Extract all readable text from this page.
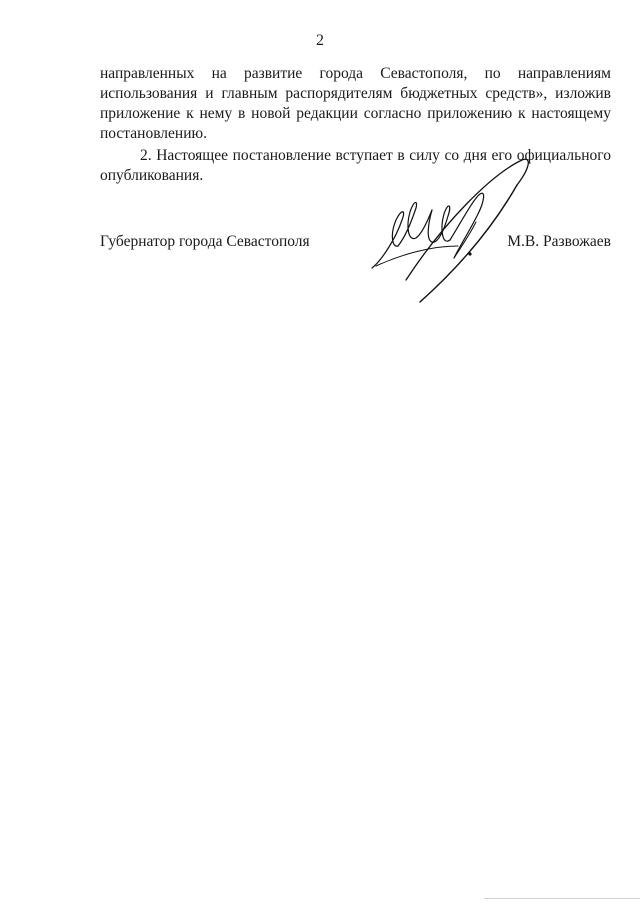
2

направленных на развитие города Севастополя, по направлениям использования и главным распорядителям бюджетных средств», изложив приложение к нему в новой редакции согласно приложению к настоящему постановлению.

2. Настоящее постановление вступает в силу со дня его официального опубликования.

Губернатор города Севастополя	М.В. Развожаев
